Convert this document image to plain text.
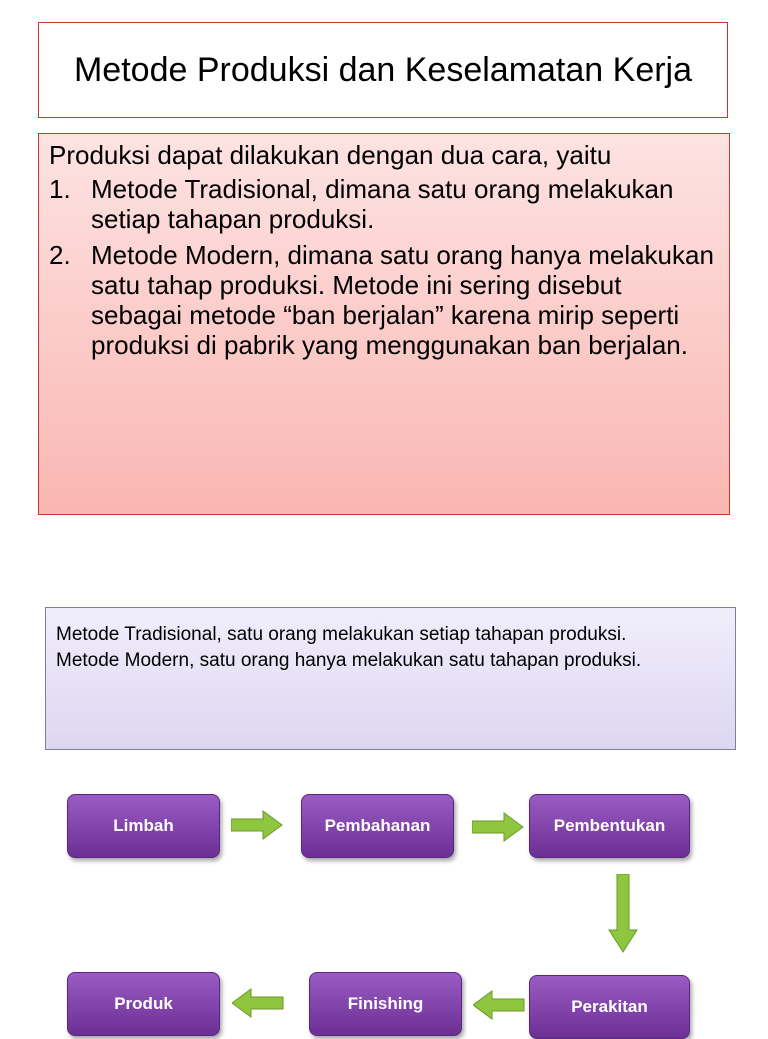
Metode Produksi dan Keselamatan Kerja

Produksi dapat dilakukan dengan dua cara, yaitu

1. Metode Tradisional, dimana satu orang melakukan setiap tahapan produksi.
2. Metode Modern, dimana satu orang hanya melakukan satu tahap produksi. Metode ini sering disebut sebagai metode “ban berjalan” karena mirip seperti produksi di pabrik yang menggunakan ban berjalan.

Metode Tradisional, satu orang melakukan setiap tahapan produksi.

Metode Modern, satu orang hanya melakukan satu tahapan produksi.

Limbah	Pembahanan	Pembentukan
Perakitan
Finishing
Produk
